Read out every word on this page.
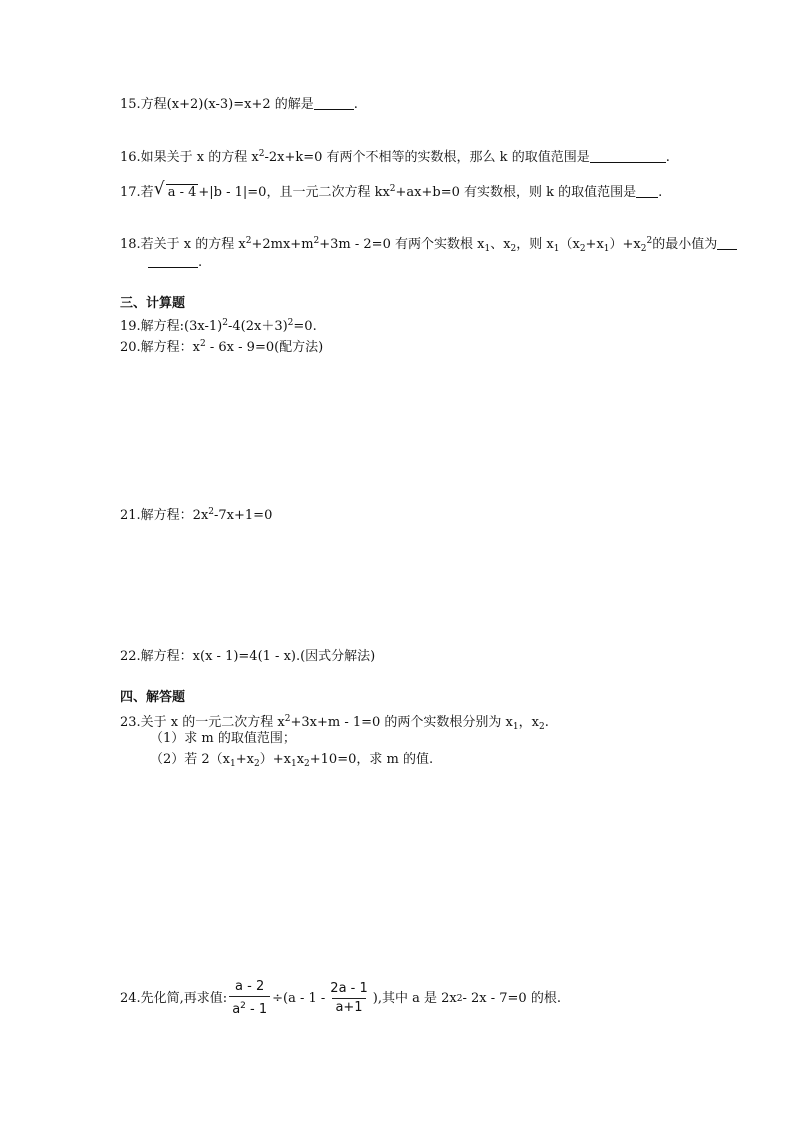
15.方程(x+2)(x-3)=x+2 的解是	.
16.如果关于 x 的方程 $x^2-2x+k=0$ 有两个不相等的实数根，那么 k 的取值范围是	.
17.若 √ a - 4 +|b - 1|=0，且一元二次方程 $kx^2+ax+b=0$ 有实数根，则 k 的取值范围是 .
18.若关于 x 的方程 $x^2+2mx+m^2+3m - 2=0$ 有两个实数根 $x_1$、$x_2$，则 $x_1(x_2+x_1)+x_2^2$的最小值为
.
三、计算题
19.解方程$:(3x-1)^2-4(2x+3)^2=0$.
20.解方程：$x^2 - 6x - 9=0$(配方法)
21.解方程：$2x^2-7x+1=0$
22.解方程：x(x - 1)=4(1 - x).(因式分解法)
四、解答题
23.关于 x 的一元二次方程 $x^2+3x+m - 1=0$ 的两个实数根分别为 $x_1$，$x_2$.
（1）求 m 的取值范围；
（2）若 $2(x_1+x_2)+x_1x_2+10=0$，求 m 的值.
24.先化简,再求值: $\frac{a - 2}{a^2 - 1} \div(a - 1 - \frac{2a - 1}{a+1}$ ),其中 a 是 2x 2 - 2x - 7=0 的根.
